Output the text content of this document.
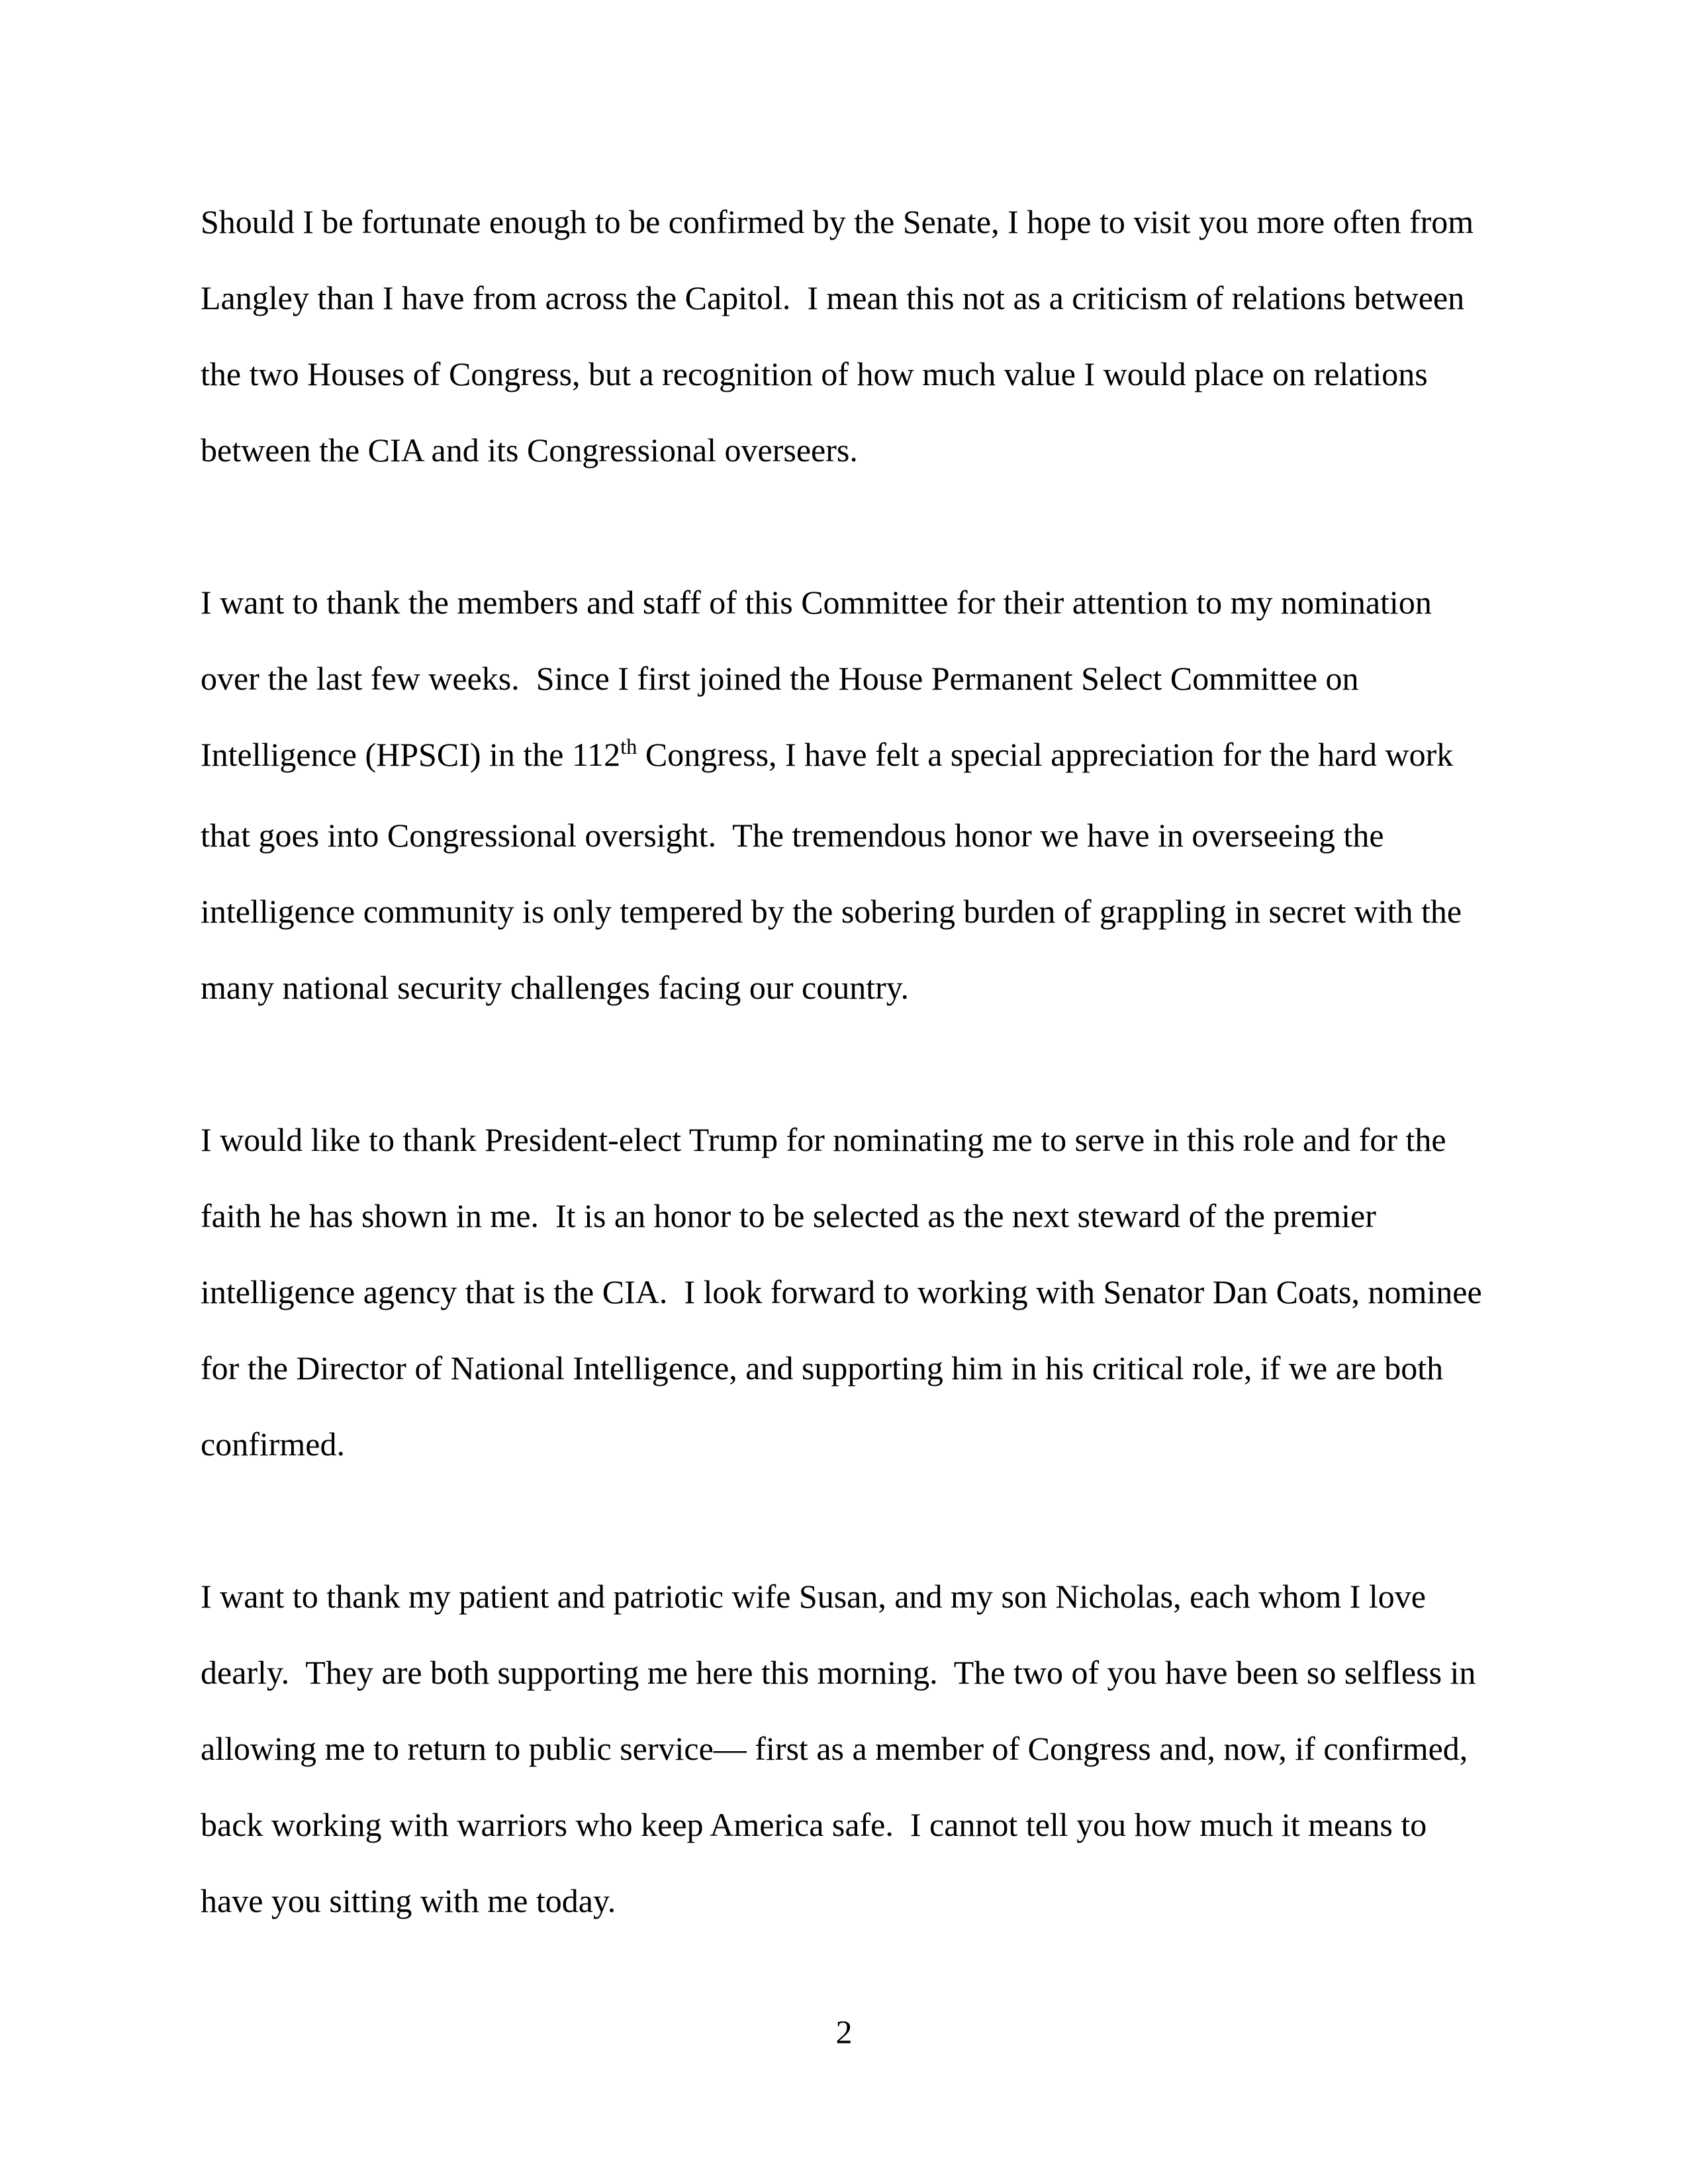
Should I be fortunate enough to be confirmed by the Senate, I hope to visit you more often from Langley than I have from across the Capitol.  I mean this not as a criticism of relations between the two Houses of Congress, but a recognition of how much value I would place on relations between the CIA and its Congressional overseers.

I want to thank the members and staff of this Committee for their attention to my nomination over the last few weeks.  Since I first joined the House Permanent Select Committee on Intelligence (HPSCI) in the 112th Congress, I have felt a special appreciation for the hard work that goes into Congressional oversight.  The tremendous honor we have in overseeing the intelligence community is only tempered by the sobering burden of grappling in secret with the many national security challenges facing our country.

I would like to thank President-elect Trump for nominating me to serve in this role and for the faith he has shown in me.  It is an honor to be selected as the next steward of the premier intelligence agency that is the CIA.  I look forward to working with Senator Dan Coats, nominee for the Director of National Intelligence, and supporting him in his critical role, if we are both confirmed.

I want to thank my patient and patriotic wife Susan, and my son Nicholas, each whom I love dearly.  They are both supporting me here this morning.  The two of you have been so selfless in allowing me to return to public service— first as a member of Congress and, now, if confirmed, back working with warriors who keep America safe.  I cannot tell you how much it means to have you sitting with me today.

2
